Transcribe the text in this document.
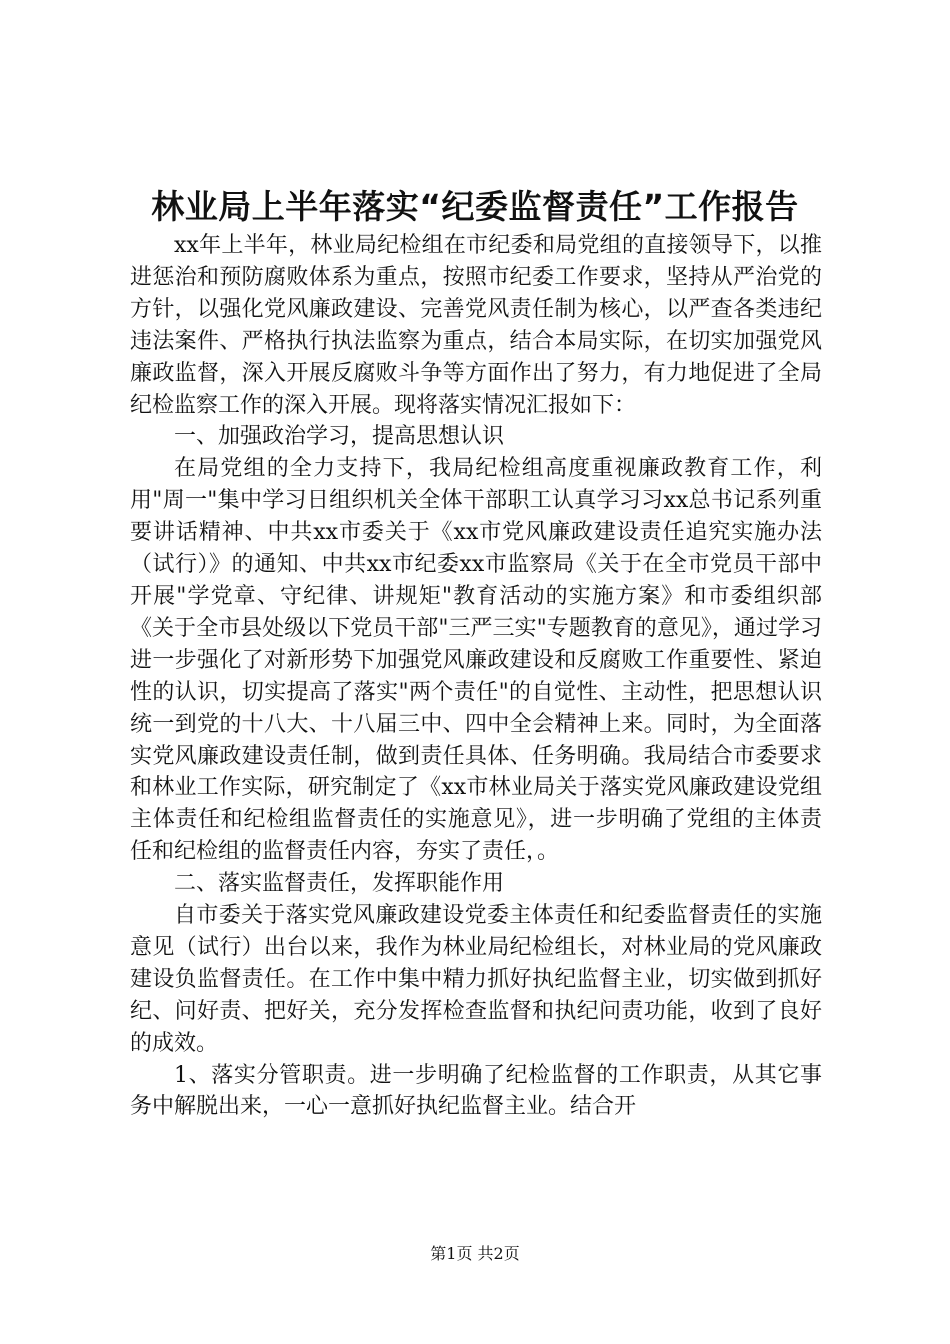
林业局上半年落实“纪委监督责任”工作报告

xx年上半年，林业局纪检组在市纪委和局党组的直接领导下，以推进惩治和预防腐败体系为重点，按照市纪委工作要求，坚持从严治党的方针，以强化党风廉政建设、完善党风责任制为核心，以严查各类违纪违法案件、严格执行执法监察为重点，结合本局实际，在切实加强党风廉政监督，深入开展反腐败斗争等方面作出了努力，有力地促进了全局纪检监察工作的深入开展。现将落实情况汇报如下：

一、加强政治学习，提高思想认识

在局党组的全力支持下，我局纪检组高度重视廉政教育工作，利用"周一"集中学习日组织机关全体干部职工认真学习习xx总书记系列重要讲话精神、中共xx市委关于《xx市党风廉政建设责任追究实施办法（试行）》的通知、中共xx市纪委xx市监察局《关于在全市党员干部中开展"学党章、守纪律、讲规矩"教育活动的实施方案》和市委组织部《关于全市县处级以下党员干部"三严三实"专题教育的意见》，通过学习进一步强化了对新形势下加强党风廉政建设和反腐败工作重要性、紧迫性的认识，切实提高了落实"两个责任"的自觉性、主动性，把思想认识统一到党的十八大、十八届三中、四中全会精神上来。同时，为全面落实党风廉政建设责任制，做到责任具体、任务明确。我局结合市委要求和林业工作实际，研究制定了《xx市林业局关于落实党风廉政建设党组主体责任和纪检组监督责任的实施意见》，进一步明确了党组的主体责任和纪检组的监督责任内容，夯实了责任，。

二、落实监督责任，发挥职能作用

自市委关于落实党风廉政建设党委主体责任和纪委监督责任的实施意见（试行）出台以来，我作为林业局纪检组长，对林业局的党风廉政建设负监督责任。在工作中集中精力抓好执纪监督主业，切实做到抓好纪、问好责、把好关，充分发挥检查监督和执纪问责功能，收到了良好的成效。

1、落实分管职责。进一步明确了纪检监督的工作职责，从其它事务中解脱出来，一心一意抓好执纪监督主业。结合开

第1页 共2页
